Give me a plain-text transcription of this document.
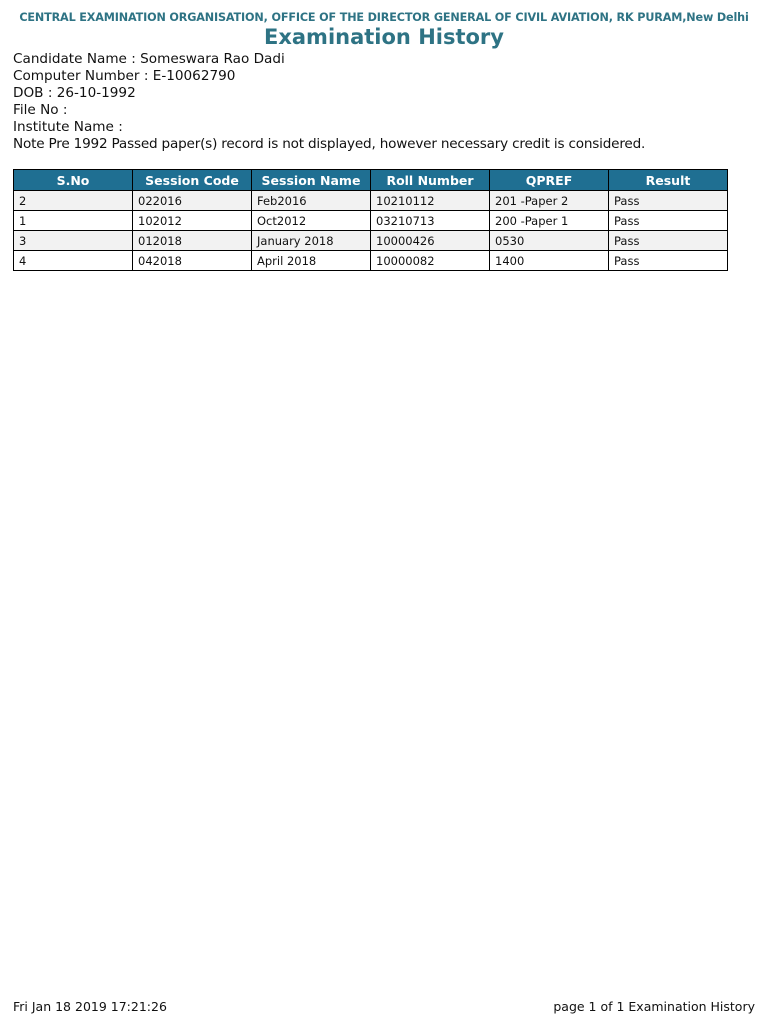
CENTRAL EXAMINATION ORGANISATION, OFFICE OF THE DIRECTOR GENERAL OF CIVIL AVIATION, RK PURAM,New Delhi
Examination History
Candidate Name : Someswara Rao Dadi
Computer Number : E-10062790
DOB : 26-10-1992
File No :
Institute Name :
Note Pre 1992 Passed paper(s) record is not displayed, however necessary credit is considered.
S.No	Session Code	Session Name	Roll Number	QPREF	Result
2	022016	Feb2016	10210112	201 -Paper 2	Pass
1	102012	Oct2012	03210713	200 -Paper 1	Pass
3	012018	January 2018	10000426	0530	Pass
4	042018	April 2018	10000082	1400	Pass
Fri Jan 18 2019 17:21:26	page 1 of 1 Examination History
